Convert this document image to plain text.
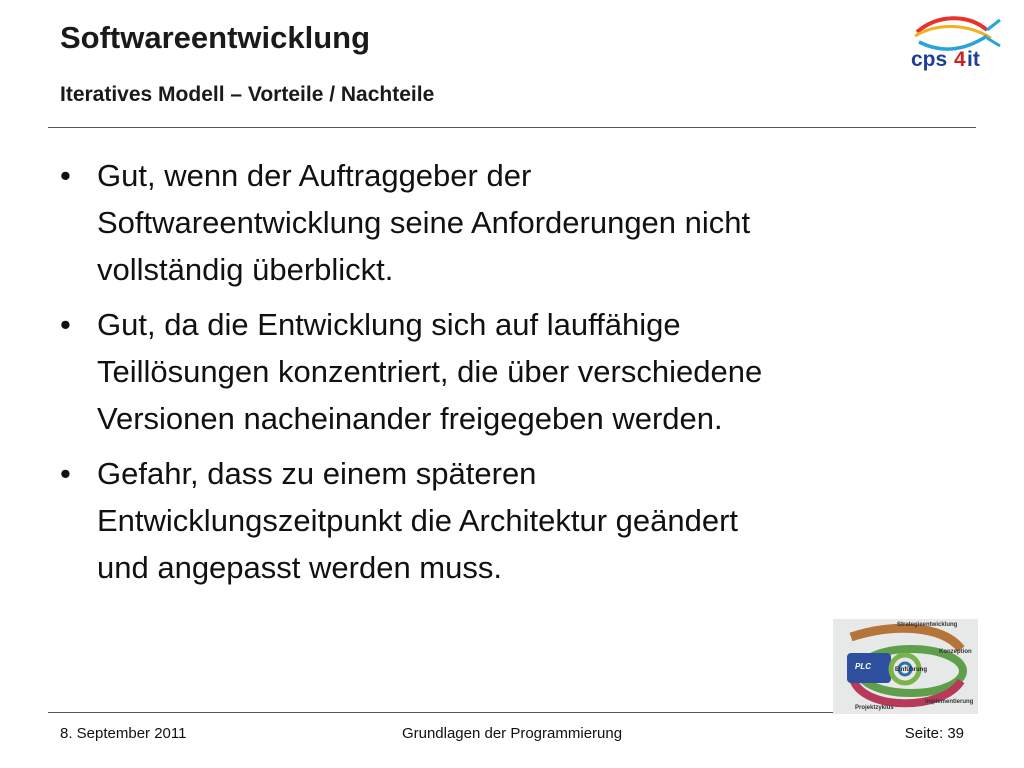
Softwareentwicklung
Iteratives Modell – Vorteile / Nachteile
cps 4 it
• Gut, wenn der Auftraggeber der
Softwareentwicklung seine Anforderungen nicht
vollständig überblickt.
• Gut, da die Entwicklung sich auf lauffähige
Teillösungen konzentriert, die über verschiedene
Versionen nacheinander freigegeben werden.
• Gefahr, dass zu einem späteren
Entwicklungszeitpunkt die Architektur geändert
und angepasst werden muss.
Strategieentwicklung
Konzeption
PLC	Einführung
Projektzyklus
Implementierung
8. September 2011	Grundlagen der Programmierung	Seite: 39
